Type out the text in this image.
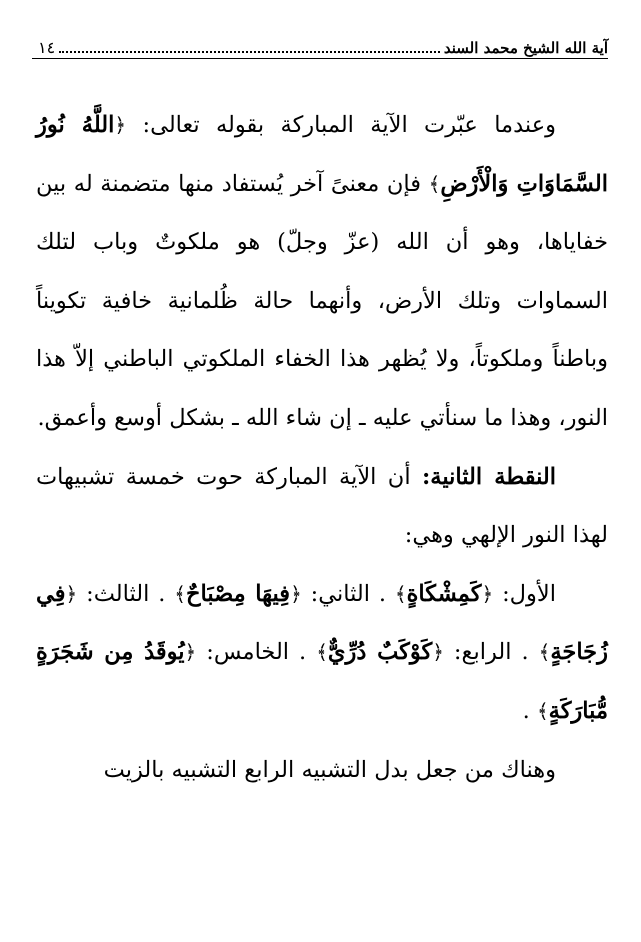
آية الله الشيخ محمد السند
١٤

وعندما عبّرت الآية المباركة بقوله تعالى: ﴿اللَّهُ نُورُ السَّمَاوَاتِ وَالْأَرْضِ﴾ فإن معنىً آخر يُستفاد منها متضمنة له بين خفاياها، وهو أن الله (عزّ وجلّ) هو ملكوتٌ وباب لتلك السماوات وتلك الأرض، وأنهما حالة ظُلمانية خافية تكويناً وباطناً وملكوتاً، ولا يُظهر هذا الخفاء الملكوتي الباطني إلاّ هذا النور، وهذا ما سنأتي عليه ـ إن شاء الله ـ بشكل أوسع وأعمق.

النقطة الثانية: أن الآية المباركة حوت خمسة تشبيهات لهذا النور الإلهي وهي:

الأول: ﴿كَمِشْكَاةٍ﴾ . الثاني: ﴿فِيهَا مِصْبَاحٌ﴾ . الثالث: ﴿فِي زُجَاجَةٍ﴾ . الرابع: ﴿كَوْكَبٌ دُرِّيٌّ﴾ . الخامس: ﴿يُوقَدُ مِن شَجَرَةٍ مُّبَارَكَةٍ﴾ .

وهناك من جعل بدل التشبيه الرابع التشبيه بالزيت
